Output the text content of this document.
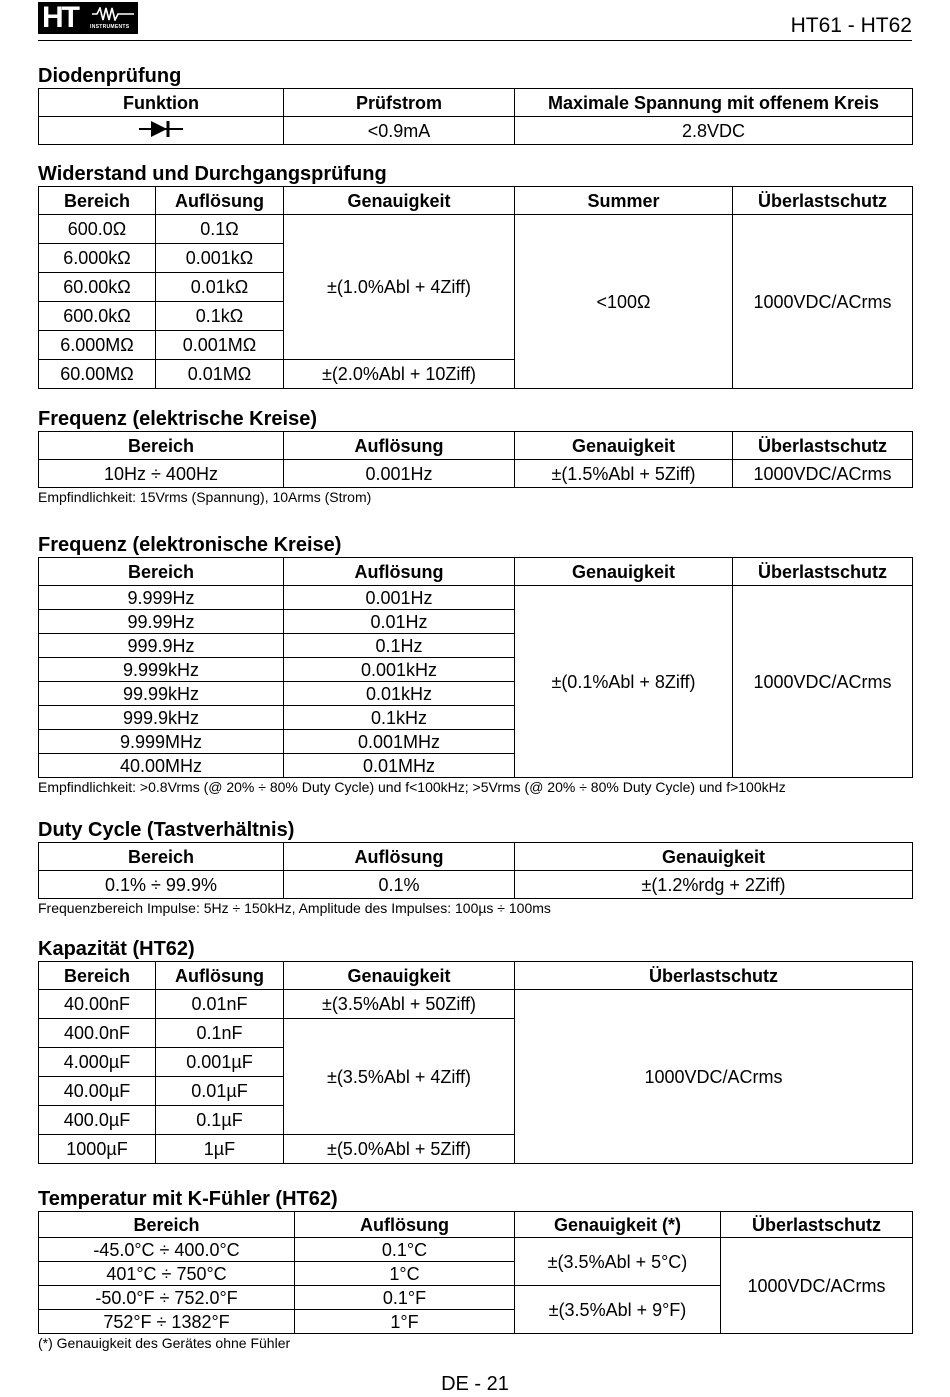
HT INSTRUMENTS	HT61 - HT62
Diodenprüfung
Funktion	Prüfstrom	Maximale Spannung mit offenem Kreis
	<0.9mA	2.8VDC
Widerstand und Durchgangsprüfung
Bereich	Auflösung	Genauigkeit	Summer	Überlastschutz
600.0Ω	0.1Ω	±(1.0%Abl + 4Ziff)	<100Ω	1000VDC/ACrms
6.000kΩ	0.001kΩ			
60.00kΩ	0.01kΩ			
600.0kΩ	0.1kΩ			
6.000MΩ	0.001MΩ			
60.00MΩ	0.01MΩ	±(2.0%Abl + 10Ziff)		
Frequenz (elektrische Kreise)
Bereich	Auflösung	Genauigkeit	Überlastschutz
10Hz ÷ 400Hz	0.001Hz	±(1.5%Abl + 5Ziff)	1000VDC/ACrms

Empfindlichkeit: 15Vrms (Spannung), 10Arms (Strom)

Frequenz (elektronische Kreise)
Bereich	Auflösung	Genauigkeit	Überlastschutz
9.999Hz	0.001Hz	±(0.1%Abl + 8Ziff)	1000VDC/ACrms
99.99Hz	0.01Hz		
999.9Hz	0.1Hz		
9.999kHz	0.001kHz		
99.99kHz	0.01kHz		
999.9kHz	0.1kHz		
9.999MHz	0.001MHz		
40.00MHz	0.01MHz		

Empfindlichkeit: >0.8Vrms (@ 20% ÷ 80% Duty Cycle) und f<100kHz; >5Vrms (@ 20% ÷ 80% Duty Cycle) und f>100kHz

Duty Cycle (Tastverhältnis)
Bereich	Auflösung	Genauigkeit
0.1% ÷ 99.9%	0.1%	±(1.2%rdg + 2Ziff)

Frequenzbereich Impulse: 5Hz ÷ 150kHz, Amplitude des Impulses: 100µs ÷ 100ms

Kapazität (HT62)
Bereich	Auflösung	Genauigkeit	Überlastschutz
40.00nF	0.01nF	±(3.5%Abl + 50Ziff)	1000VDC/ACrms
400.0nF	0.1nF	±(3.5%Abl + 4Ziff)	
4.000µF	0.001µF		
40.00µF	0.01µF		
400.0µF	0.1µF		
1000µF	1µF	±(5.0%Abl + 5Ziff)	
Temperatur mit K-Fühler (HT62)
Bereich	Auflösung	Genauigkeit (*)	Überlastschutz
-45.0°C ÷ 400.0°C	0.1°C	±(3.5%Abl + 5°C)	1000VDC/ACrms
401°C ÷ 750°C	1°C		
-50.0°F ÷ 752.0°F	0.1°F	±(3.5%Abl + 9°F)	
752°F ÷ 1382°F	1°F		

(*) Genauigkeit des Gerätes ohne Fühler

DE - 21
